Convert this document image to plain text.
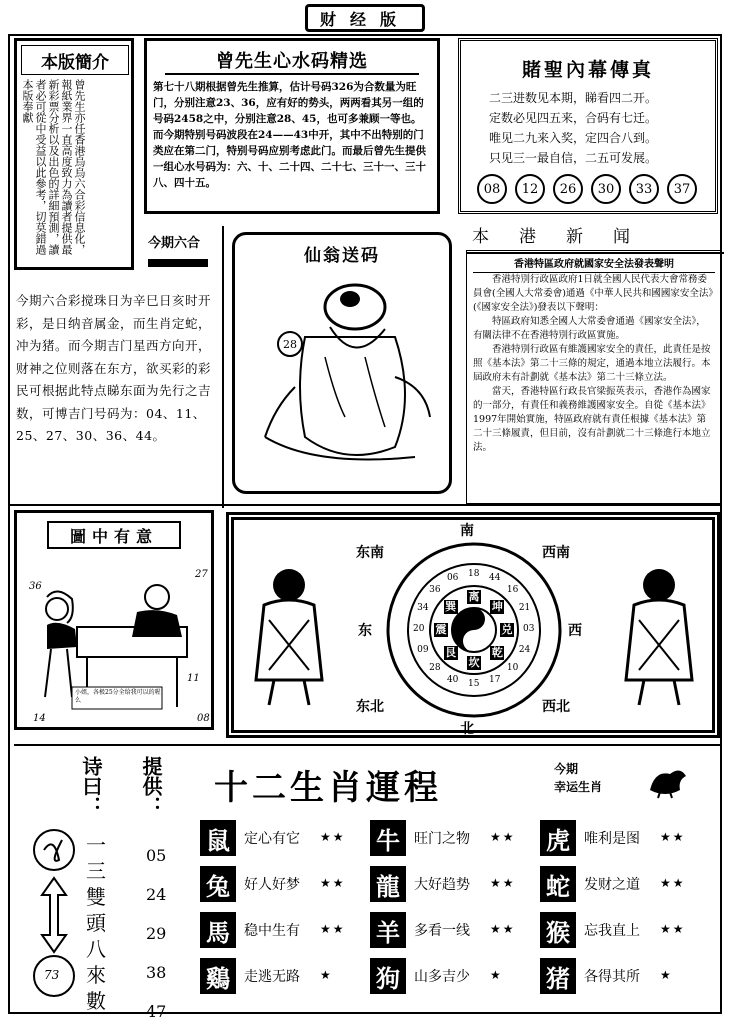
财经版
本版簡介
曾先生亦任香港烏烏六合彩信息化，報紙業界一直高度致力為讀者提供最新彩票分析以及出色的詳細預測，讀者必可從中受益以此參考，切莫錯過本版奉獻
曾先生心水码精选
第七十八期根据曾先生推算，估计号码326为合数量为旺门，分别注意23、36，应有好的势头，两两看其另一组的号码2458之中，分别注意28、45，也可多兼顾一等也。而今期特别号码波段在24——43中开，其中不出特别的门类应在第二门，特别号码应别考虑此门。而最后曾先生提供一组心水号码为：六、十、二十四、二十七、三十一、三十八、四十五。
賭聖內幕傳真
二三进数见本期，睇看四二开。
定数必见四五来，合码有七迁。
唯见二九来入奖，定四合八到。
只见三一最自信，二五可发展。
08	12	26	30	33	37
今期六合
今期六合彩搅珠日为辛巳日亥时开彩，是日纳音属金，而生肖定蛇，冲为猪。而今期吉门星西方向开，财神之位则落在东方，欲买彩的彩民可根据此特点睇东面为先行之吉数，可博吉门号码为：04、11、25、27、30、36、44。
仙翁送码
28
本港新闻
香港特區政府就國家安全法發表聲明
香港特別行政區政府1日就全國人民代表大會常務委員會(全國人大常委會)通過《中華人民共和國國家安全法》(《國家安全法》)發表以下聲明：
特區政府知悉全國人大常委會通過《國家安全法》，有關法律不在香港特別行政區實施。
香港特別行政區有維護國家安全的責任，此責任是按照《基本法》第二十三條的規定，通過本地立法履行。本屆政府未有計劃就《基本法》第二十三條立法。
當天，香港特區行政長官梁振英表示，香港作為國家的一部分，有責任和義務維護國家安全。自從《基本法》1997年開始實施，特區政府就有責任根據《基本法》第二十三條履責，但目前，沒有計劃就二十三條進行本地立法。
圖中有意
36
27
11
14	08
小姐，各极25分全给我可以的喔么
离
坤
兑
乾
坎
艮
震
巽
18 44
16
21
03
24
10
17
15
40
28
09
20
34
36
06
南
北
东	西
东南	西南
东北	西北
诗曰： 提供：
一
三
雙
頭
八
來
數
05
24
29
38
47
73
十二生肖運程	今期
幸运生肖
鼠	定心有它 ★★ 牛	旺门之物 ★★ 虎	唯利是图 ★★
兔	好人好梦 ★★ 龍	大好趋势 ★★ 蛇	发财之道 ★★
馬	稳中生有 ★★ 羊	多看一线 ★★ 猴	忘我直上 ★★
鷄	走逃无路 ★ 狗	山多吉少 ★ 猪	各得其所 ★
